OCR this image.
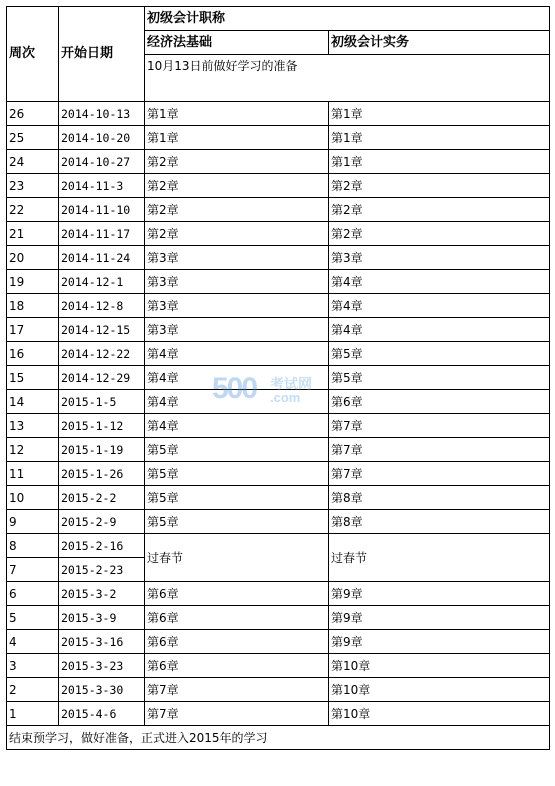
周次	开始日期	初级会计职称	
		经济法基础	初级会计实务
		10月13日前做好学习的准备	
26	2014-10-13	第1章	第1章
25	2014-10-20	第1章	第1章
24	2014-10-27	第2章	第1章
23	2014-11-3	第2章	第2章
22	2014-11-10	第2章	第2章
21	2014-11-17	第2章	第2章
20	2014-11-24	第3章	第3章
19	2014-12-1	第3章	第4章
18	2014-12-8	第3章	第4章
17	2014-12-15	第3章	第4章
16	2014-12-22	第4章	第5章
15	2014-12-29	第4章	第5章
14	2015-1-5	第4章	第6章
13	2015-1-12	第4章	第7章
12	2015-1-19	第5章	第7章
11	2015-1-26	第5章	第7章
10	2015-2-2	第5章	第8章
9	2015-2-9	第5章	第8章
8	2015-2-16	过春节	过春节
7	2015-2-23		
6	2015-3-2	第6章	第9章
5	2015-3-9	第6章	第9章
4	2015-3-16	第6章	第9章
3	2015-3-23	第6章	第10章
2	2015-3-30	第7章	第10章
1	2015-4-6	第7章	第10章
结束预学习，做好准备，正式进入2015年的学习			
500 考试网
.com
